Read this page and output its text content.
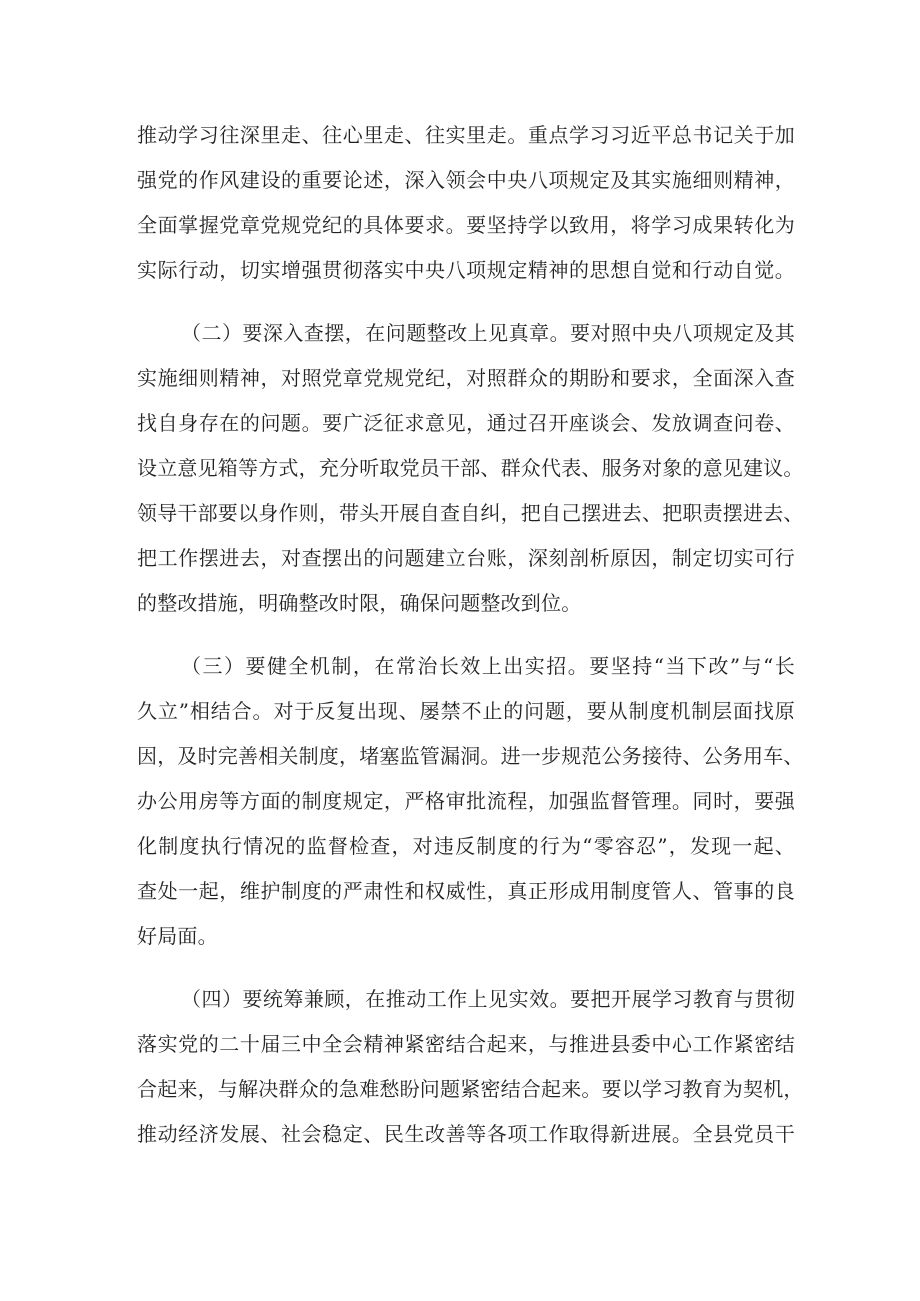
推动学习往深里走、往心里走、往实里走。重点学习习近平总书记关于加
强党的作风建设的重要论述，深入领会中央八项规定及其实施细则精神，
全面掌握党章党规党纪的具体要求。要坚持学以致用，将学习成果转化为
实际行动，切实增强贯彻落实中央八项规定精神的思想自觉和行动自觉。
（二）要深入查摆，在问题整改上见真章。要对照中央八项规定及其
实施细则精神，对照党章党规党纪，对照群众的期盼和要求，全面深入查
找自身存在的问题。要广泛征求意见，通过召开座谈会、发放调查问卷、
设立意见箱等方式，充分听取党员干部、群众代表、服务对象的意见建议。
领导干部要以身作则，带头开展自查自纠，把自己摆进去、把职责摆进去、
把工作摆进去，对查摆出的问题建立台账，深刻剖析原因，制定切实可行
的整改措施，明确整改时限，确保问题整改到位。
（三）要健全机制，在常治长效上出实招。要坚持“当下改”与“长
久立”相结合。对于反复出现、屡禁不止的问题，要从制度机制层面找原
因，及时完善相关制度，堵塞监管漏洞。进一步规范公务接待、公务用车、
办公用房等方面的制度规定，严格审批流程，加强监督管理。同时，要强
化制度执行情况的监督检查，对违反制度的行为“零容忍”，发现一起、
查处一起，维护制度的严肃性和权威性，真正形成用制度管人、管事的良
好局面。
（四）要统筹兼顾，在推动工作上见实效。要把开展学习教育与贯彻
落实党的二十届三中全会精神紧密结合起来，与推进县委中心工作紧密结
合起来，与解决群众的急难愁盼问题紧密结合起来。要以学习教育为契机，
推动经济发展、社会稳定、民生改善等各项工作取得新进展。全县党员干
